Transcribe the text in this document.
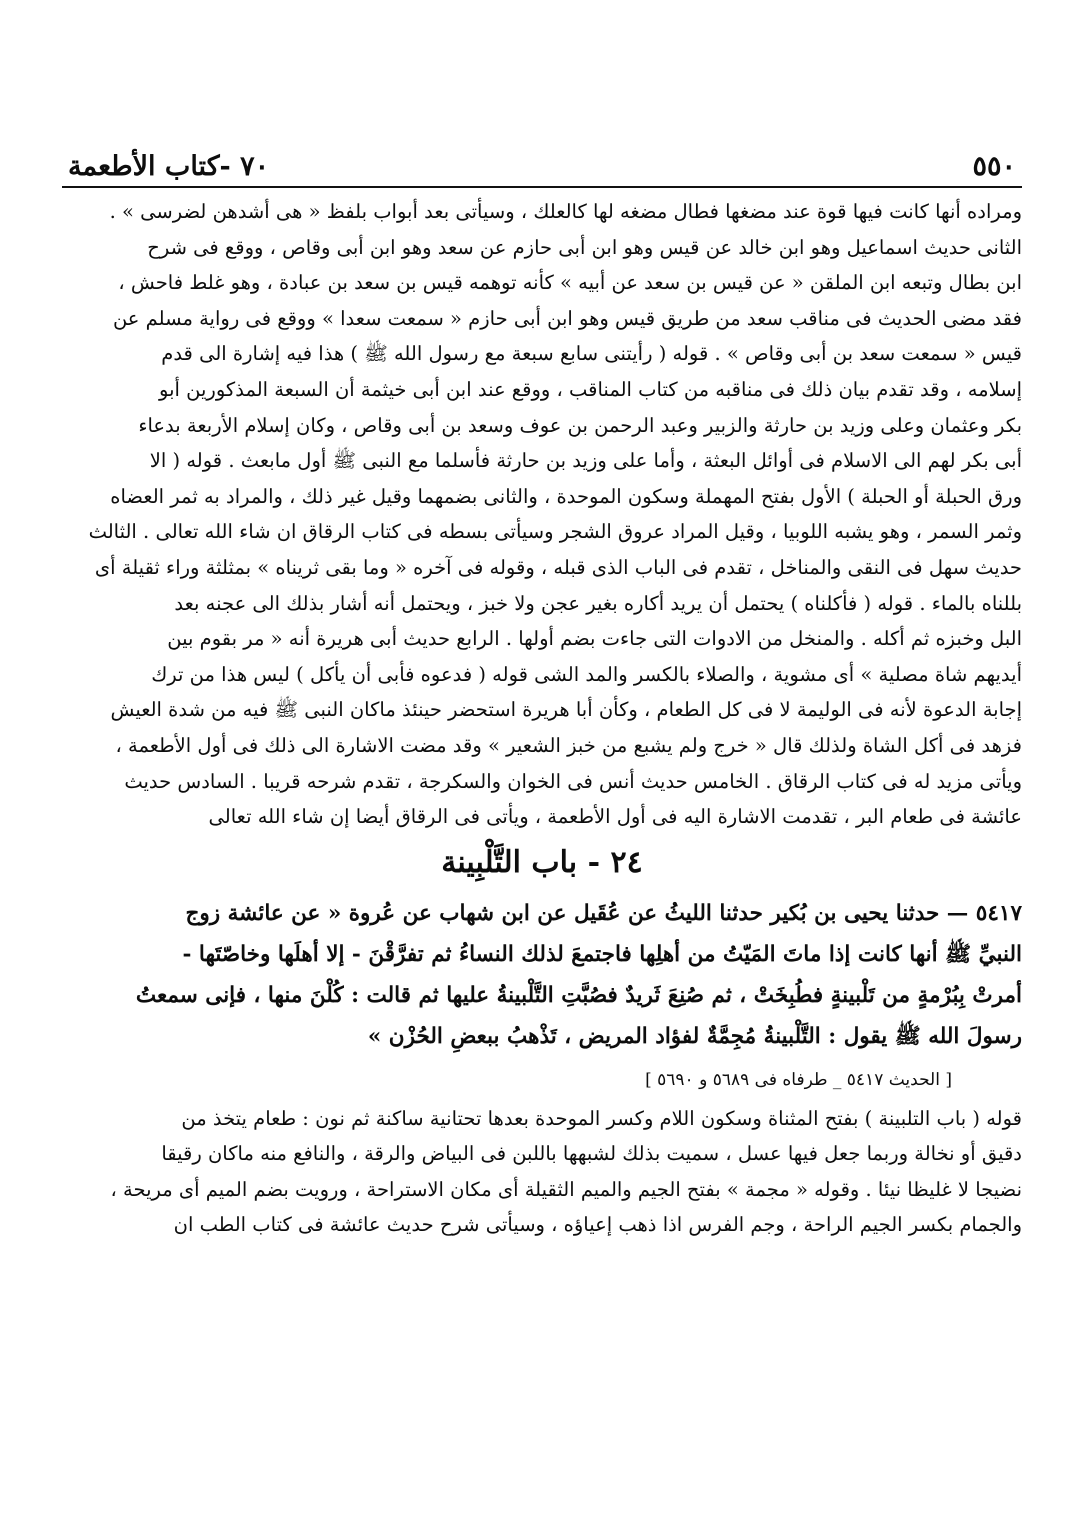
٥٥٠
٧٠ -كتاب الأطعمة
ومراده أنها كانت فيها قوة عند مضغها فطال مضغه لها كالعلك ، وسيأتى بعد أبواب بلفظ « هى أشدهن لضرسى » .
الثانى حديث اسماعيل وهو ابن خالد عن قيس وهو ابن أبى حازم عن سعد وهو ابن أبى وقاص ، ووقع فى شرح
ابن بطال وتبعه ابن الملقن « عن قيس بن سعد عن أبيه » كأنه توهمه قيس بن سعد بن عبادة ، وهو غلط فاحش ،
فقد مضى الحديث فى مناقب سعد من طريق قيس وهو ابن أبى حازم « سمعت سعدا » ووقع فى رواية مسلم عن
قيس « سمعت سعد بن أبى وقاص » . قوله ( رأيتنى سابع سبعة مع رسول الله ﷺ ) هذا فيه إشارة الى قدم
إسلامه ، وقد تقدم بيان ذلك فى مناقبه من كتاب المناقب ، ووقع عند ابن أبى خيثمة أن السبعة المذكورين أبو
بكر وعثمان وعلى وزيد بن حارثة والزبير وعبد الرحمن بن عوف وسعد بن أبى وقاص ، وكان إسلام الأربعة بدعاء
أبى بكر لهم الى الاسلام فى أوائل البعثة ، وأما على وزيد بن حارثة فأسلما مع النبى ﷺ أول مابعث . قوله ( الا
ورق الحبلة أو الحبلة ) الأول بفتح المهملة وسكون الموحدة ، والثانى بضمهما وقيل غير ذلك ، والمراد به ثمر العضاه
وثمر السمر ، وهو يشبه اللوبيا ، وقيل المراد عروق الشجر وسيأتى بسطه فى كتاب الرقاق ان شاء الله تعالى . الثالث
حديث سهل فى النقى والمناخل ، تقدم فى الباب الذى قبله ، وقوله فى آخره « وما بقى ثريناه » بمثلثة وراء ثقيلة أى
بللناه بالماء . قوله ( فأكلناه ) يحتمل أن يريد أكاره بغير عجن ولا خبز ، ويحتمل أنه أشار بذلك الى عجنه بعد
البل وخبزه ثم أكله . والمنخل من الادوات التى جاءت بضم أولها . الرابع حديث أبى هريرة أنه « مر بقوم بين
أيديهم شاة مصلية » أى مشوية ، والصلاء بالكسر والمد الشى قوله ( فدعوه فأبى أن يأكل ) ليس هذا من ترك
إجابة الدعوة لأنه فى الوليمة لا فى كل الطعام ، وكأن أبا هريرة استحضر حينئذ ماكان النبى ﷺ فيه من شدة العيش
فزهد فى أكل الشاة ولذلك قال « خرج ولم يشبع من خبز الشعير » وقد مضت الاشارة الى ذلك فى أول الأطعمة ،
ويأتى مزيد له فى كتاب الرقاق . الخامس حديث أنس فى الخوان والسكرجة ، تقدم شرحه قريبا . السادس حديث
عائشة فى طعام البر ، تقدمت الاشارة اليه فى أول الأطعمة ، ويأتى فى الرقاق أيضا إن شاء الله تعالى
٢٤ - باب التَّلْبِينة
٥٤١٧ — حدثنا يحيى بن بُكير حدثنا الليثُ عن عُقَيل عن ابن شهاب عن عُروة « عن عائشة زوج
النبيِّ ﷺ أنها كانت إذا ماتَ المَيّتُ من أهلِها فاجتمعَ لذلك النساءُ ثم تفرَّقْنَ - إلا أهلَها وخاصّتَها -
أمرتْ بِبُرْمةٍ من تَلْبينةٍ فطُبِخَتْ ، ثم صُنِعَ ثَريدٌ فصُبَّتِ التَّلْبينةُ عليها ثم قالت : كُلْنَ منها ، فإنى سمعتُ
رسولَ الله ﷺ يقول : التَّلْبينةُ مُجِمَّةٌ لفؤاد المريض ، تَذْهبُ ببعضِ الحُزْن »
[ الحديث ٥٤١٧ _ طرفاه فى ٥٦٨٩ و ٥٦٩٠ ]
قوله ( باب التلبينة ) بفتح المثناة وسكون اللام وكسر الموحدة بعدها تحتانية ساكنة ثم نون : طعام يتخذ من
دقيق أو نخالة وربما جعل فيها عسل ، سميت بذلك لشبهها باللبن فى البياض والرقة ، والنافع منه ماكان رقيقا
نضيجا لا غليظا نيئا . وقوله « مجمة » بفتح الجيم والميم الثقيلة أى مكان الاستراحة ، ورويت بضم الميم أى مريحة ،
والجمام بكسر الجيم الراحة ، وجم الفرس اذا ذهب إعياؤه ، وسيأتى شرح حديث عائشة فى كتاب الطب ان
